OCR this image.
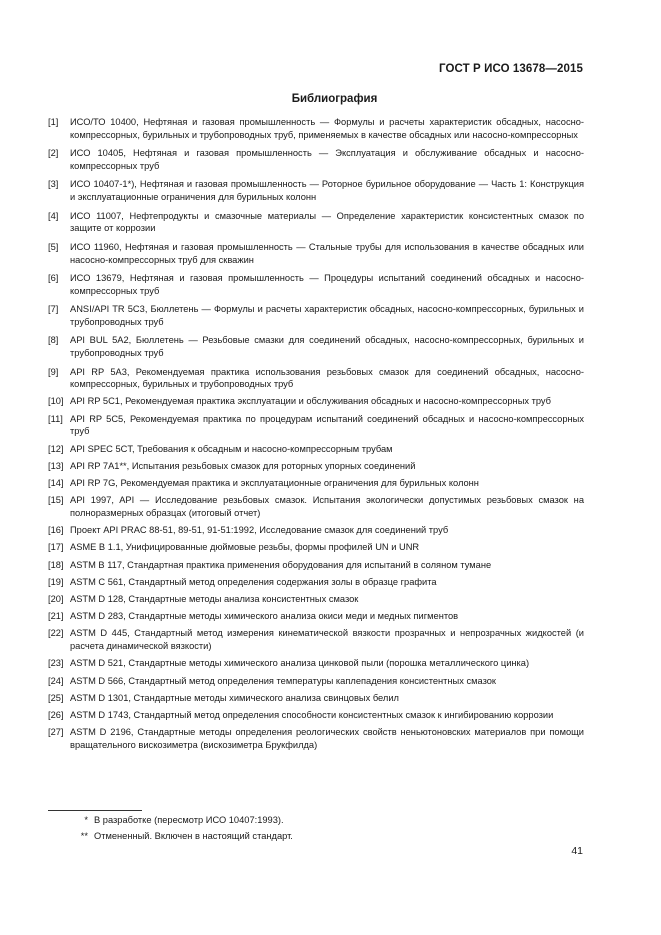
ГОСТ Р ИСО 13678—2015
Библиография
[1] ИСО/ТО 10400, Нефтяная и газовая промышленность — Формулы и расчеты характеристик обсадных, насосно-компрессорных, бурильных и трубопроводных труб, применяемых в качестве обсадных или насосно-компрессорных
[2] ИСО 10405, Нефтяная и газовая промышленность — Эксплуатация и обслуживание обсадных и насосно-компрессорных труб
[3] ИСО 10407-1*), Нефтяная и газовая промышленность — Роторное бурильное оборудование — Часть 1: Конструкция и эксплуатационные ограничения для бурильных колонн
[4] ИСО 11007, Нефтепродукты и смазочные материалы — Определение характеристик консистентных смазок по защите от коррозии
[5] ИСО 11960, Нефтяная и газовая промышленность — Стальные трубы для использования в качестве обсадных или насосно-компрессорных труб для скважин
[6] ИСО 13679, Нефтяная и газовая промышленность — Процедуры испытаний соединений обсадных и насосно-компрессорных труб
[7] ANSI/API TR 5C3, Бюллетень — Формулы и расчеты характеристик обсадных, насосно-компрессорных, бурильных и трубопроводных труб
[8] API BUL 5A2, Бюллетень — Резьбовые смазки для соединений обсадных, насосно-компрессорных, бурильных и трубопроводных труб
[9] API RP 5A3, Рекомендуемая практика использования резьбовых смазок для соединений обсадных, насосно-компрессорных, бурильных и трубопроводных труб
[10] API RP 5C1, Рекомендуемая практика эксплуатации и обслуживания обсадных и насосно-компрессорных труб
[11] API RP 5C5, Рекомендуемая практика по процедурам испытаний соединений обсадных и насосно-компрессорных труб
[12] API SPEC 5CT, Требования к обсадным и насосно-компрессорным трубам
[13] API RP 7A1**, Испытания резьбовых смазок для роторных упорных соединений
[14] API RP 7G, Рекомендуемая практика и эксплуатационные ограничения для бурильных колонн
[15] API 1997, API — Исследование резьбовых смазок. Испытания экологически допустимых резьбовых смазок на полноразмерных образцах (итоговый отчет)
[16] Проект API PRAC 88-51, 89-51, 91-51:1992, Исследование смазок для соединений труб
[17] ASME B 1.1, Унифицированные дюймовые резьбы, формы профилей UN и UNR
[18] ASTM B 117, Стандартная практика применения оборудования для испытаний в соляном тумане
[19] ASTM C 561, Стандартный метод определения содержания золы в образце графита
[20] ASTM D 128, Стандартные методы анализа консистентных смазок
[21] ASTM D 283, Стандартные методы химического анализа окиси меди и медных пигментов
[22] ASTM D 445, Стандартный метод измерения кинематической вязкости прозрачных и непрозрачных жидкостей (и расчета динамической вязкости)
[23] ASTM D 521, Стандартные методы химического анализа цинковой пыли (порошка металлического цинка)
[24] ASTM D 566, Стандартный метод определения температуры каплепадения консистентных смазок
[25] ASTM D 1301, Стандартные методы химического анализа свинцовых белил
[26] ASTM D 1743, Стандартный метод определения способности консистентных смазок к ингибированию коррозии
[27] ASTM D 2196, Стандартные методы определения реологических свойств неньютоновских материалов при помощи вращательного вискозиметра (вискозиметра Брукфилда)
* В разработке (пересмотр ИСО 10407:1993).
** Отмененный. Включен в настоящий стандарт.
41
